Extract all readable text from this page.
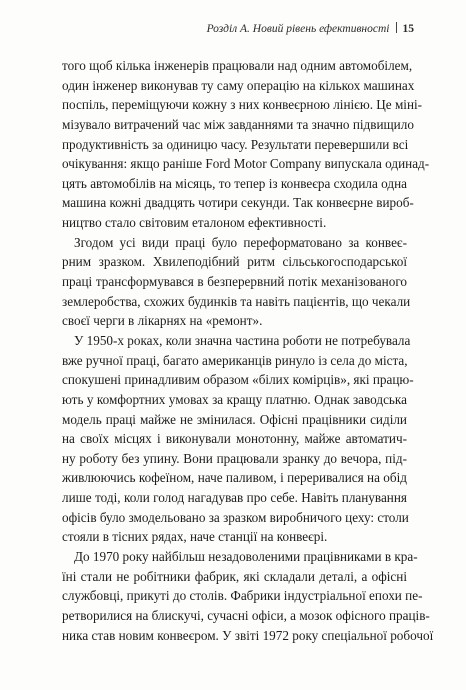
Розділ А. Новий рівень ефективності 15
того щоб кілька інженерів працювали над одним автомобілем,
один інженер виконував ту саму операцію на кількох машинах
поспіль, переміщуючи кожну з них конвеєрною лінією. Це міні-
мізувало витрачений час між завданнями та значно підвищило
продуктивність за одиницю часу. Результати перевершили всі
очікування: якщо раніше Ford Motor Company випускала одинад-
цять автомобілів на місяць, то тепер із конвеєра сходила одна
машина кожні двадцять чотири секунди. Так конвеєрне вироб-
ництво стало світовим еталоном ефективності.
Згодом усі види праці було переформатовано за конвеє-
рним зразком. Хвилеподібний ритм сільськогосподарської
праці трансформувався в безперервний потік механізованого
землеробства, схожих будинків та навіть пацієнтів, що чекали
своєї черги в лікарнях на «ремонт».
У 1950-х роках, коли значна частина роботи не потребувала
вже ручної праці, багато американців ринуло із села до міста,
спокушені принадливим образом «білих комірців», які працю-
ють у комфортних умовах за кращу платню. Однак заводська
модель праці майже не змінилася. Офісні працівники сиділи
на своїх місцях і виконували монотонну, майже автоматич-
ну роботу без упину. Вони працювали зранку до вечора, під-
живлюючись кофеїном, наче паливом, і переривалися на обід
лише тоді, коли голод нагадував про себе. Навіть планування
офісів було змодельовано за зразком виробничого цеху: столи
стояли в тісних рядах, наче станції на конвеєрі.
До 1970 року найбільш незадоволеними працівниками в кра-
їні стали не робітники фабрик, які складали деталі, а офісні
службовці, прикуті до столів. Фабрики індустріальної епохи пе-
ретворилися на блискучі, сучасні офіси, а мозок офісного праців-
ника став новим конвеєром. У звіті 1972 року спеціальної робочої
